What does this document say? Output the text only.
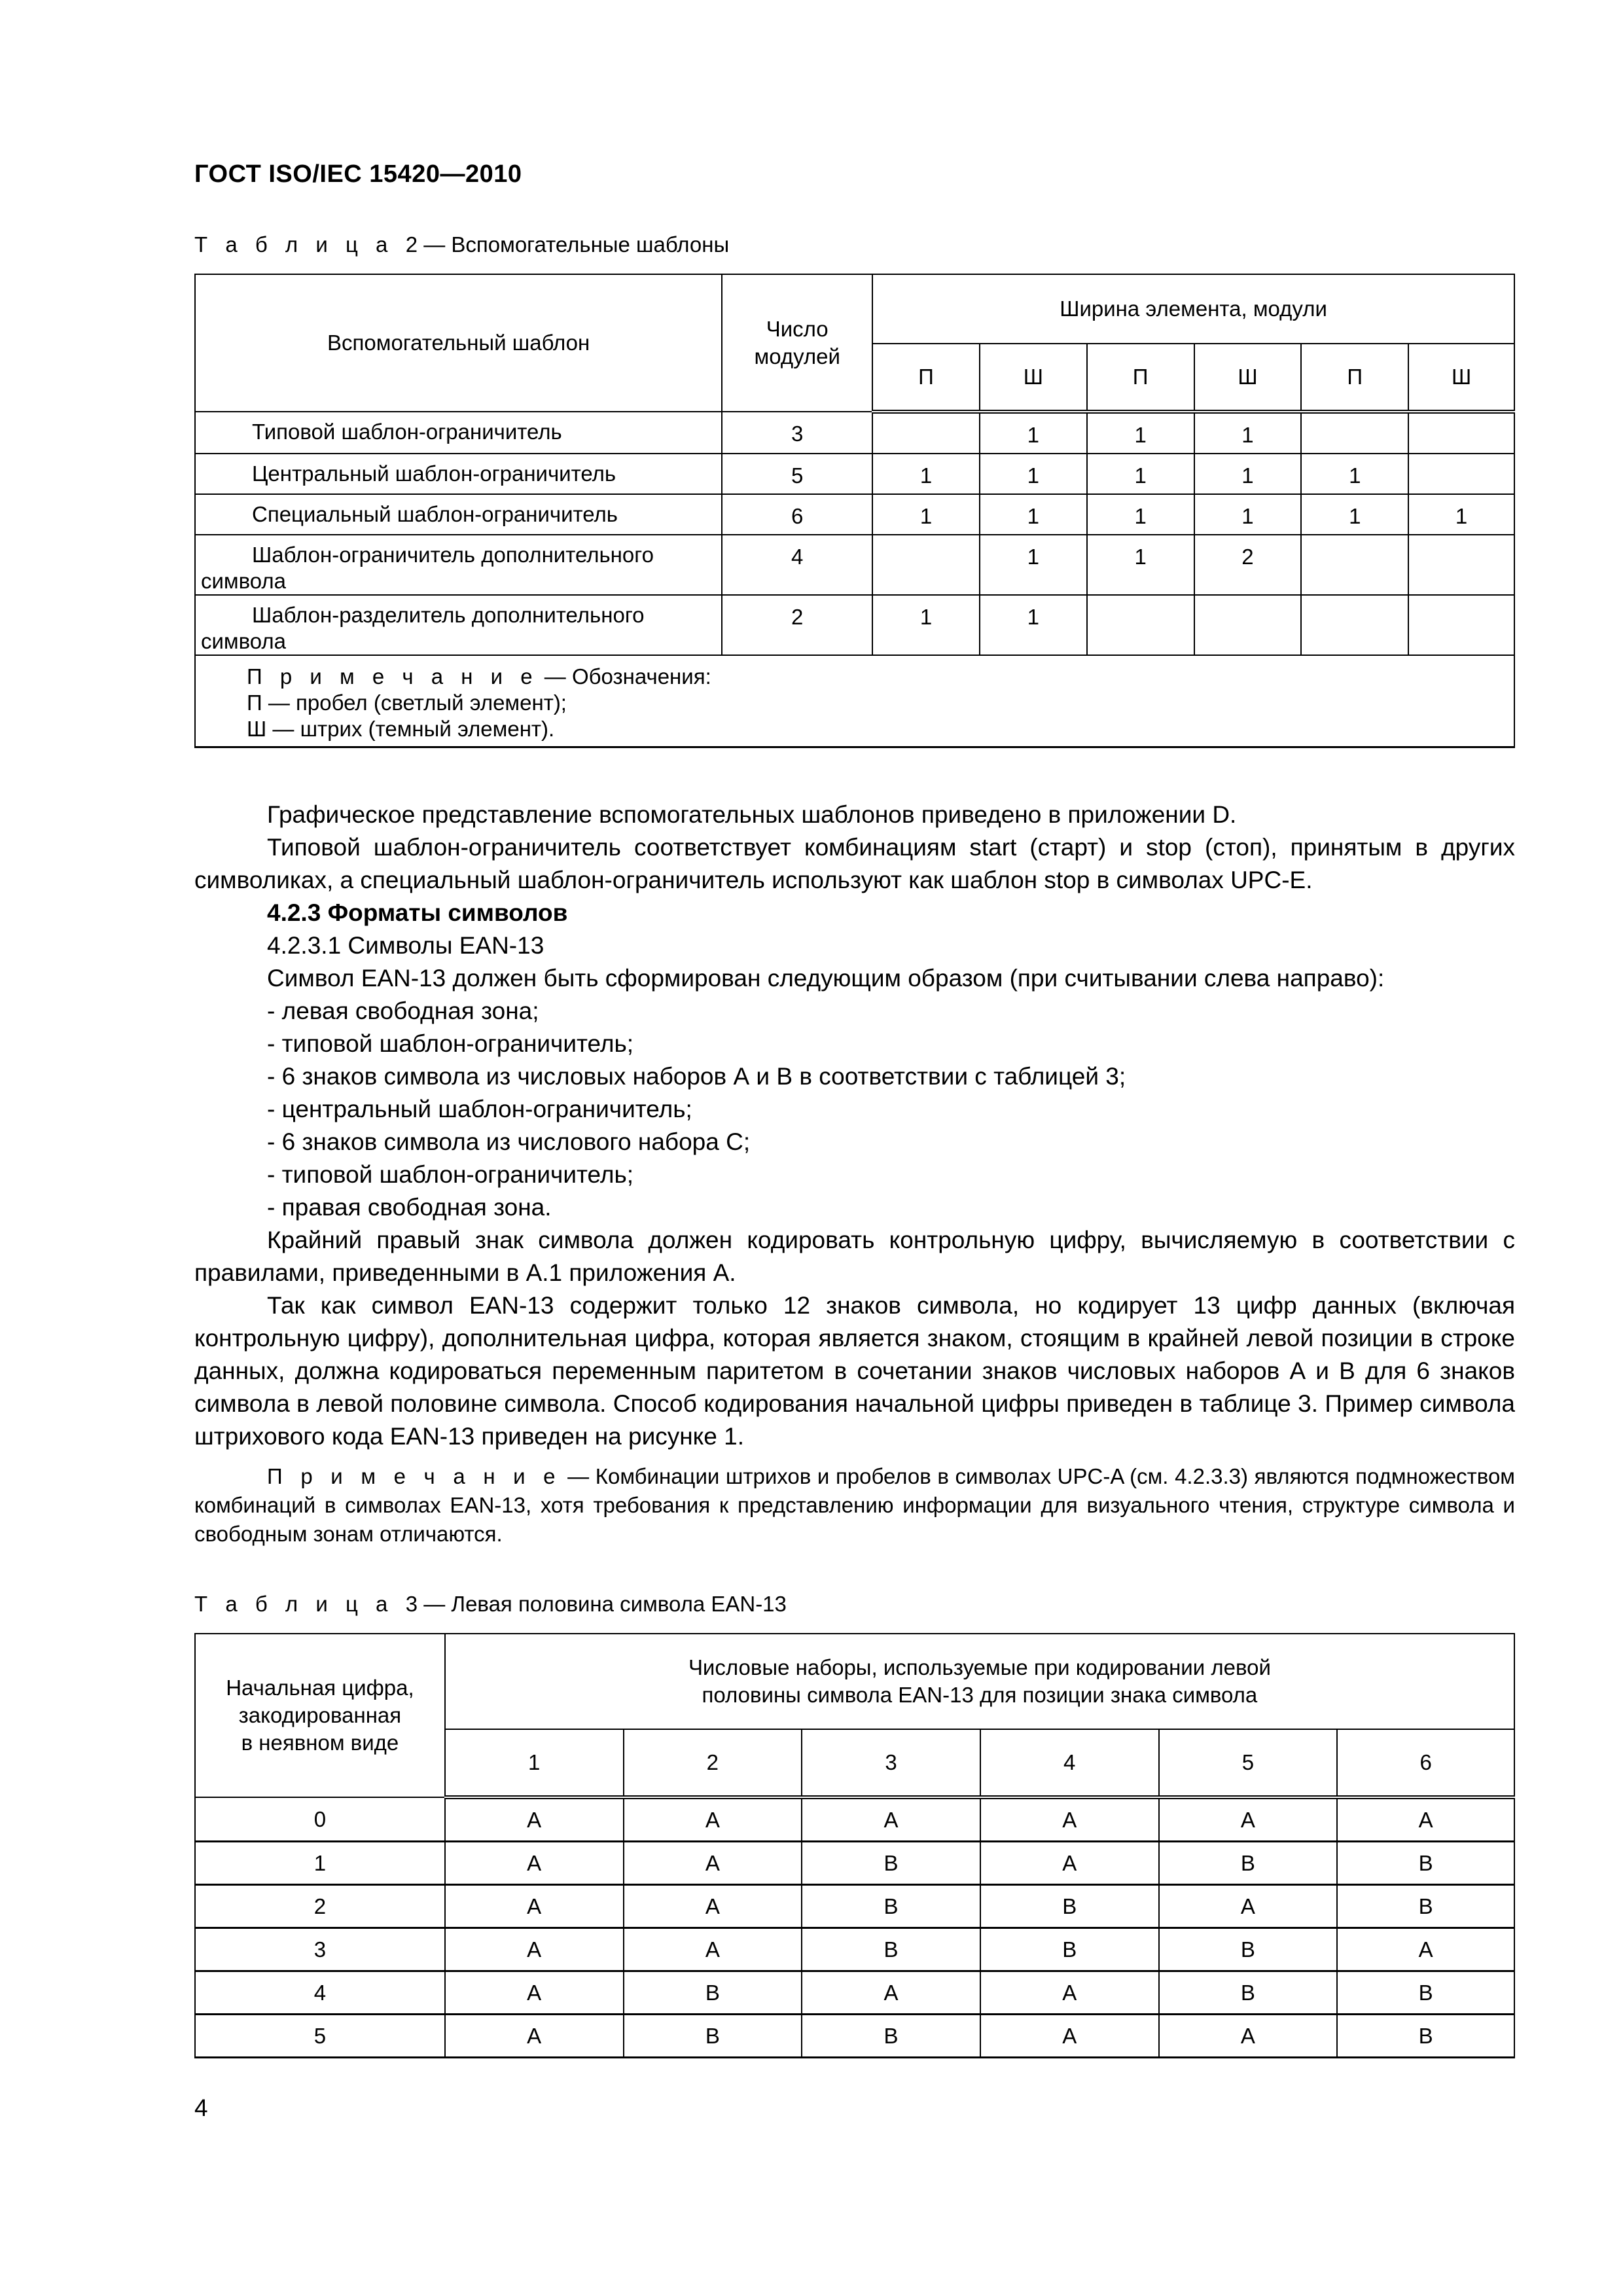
ГОСТ ISO/IEC 15420—2010
Т а б л и ц а 2 — Вспомогательные шаблоны
Вспомогательный шаблон	Число
модулей	Ширина элемента, модули					
		П	Ш	П	Ш	П	Ш
Типовой шаблон-ограничитель	3		1	1	1		
Центральный шаблон-ограничитель	5	1	1	1	1	1	
Специальный шаблон-ограничитель	6	1	1	1	1	1	1
Шаблон-ограничитель дополнительного
символа	4		1	1	2		
Шаблон-разделитель дополнительного
символа	2	1	1				
П р и м е ч а н и е — Обозначения:
П — пробел (светлый элемент);
Ш — штрих (темный элемент).							

Графическое представление вспомогательных шаблонов приведено в приложении D.

Типовой шаблон-ограничитель соответствует комбинациям start (старт) и stop (стоп), принятым в других символиках, а специальный шаблон-ограничитель используют как шаблон stop в символах UPC-E.

4.2.3 Форматы символов

4.2.3.1 Символы EAN-13

Символ EAN-13 должен быть сформирован следующим образом (при считывании слева направо):

- левая свободная зона;

- типовой шаблон-ограничитель;

- 6 знаков символа из числовых наборов А и В в соответствии с таблицей 3;

- центральный шаблон-ограничитель;

- 6 знаков символа из числового набора С;

- типовой шаблон-ограничитель;

- правая свободная зона.

Крайний правый знак символа должен кодировать контрольную цифру, вычисляемую в соответствии с правилами, приведенными в А.1 приложения А.

Так как символ EAN-13 содержит только 12 знаков символа, но кодирует 13 цифр данных (включая контрольную цифру), дополнительная цифра, которая является знаком, стоящим в крайней левой позиции в строке данных, должна кодироваться переменным паритетом в сочетании знаков числовых наборов А и В для 6 знаков символа в левой половине символа. Способ кодирования начальной цифры приведен в таблице 3. Пример символа штрихового кода EAN-13 приведен на рисунке 1.

П р и м е ч а н и е — Комбинации штрихов и пробелов в символах UPC-A (см. 4.2.3.3) являются подмножеством комбинаций в символах EAN-13, хотя требования к представлению информации для визуального чтения, структуре символа и свободным зонам отличаются.

Т а б л и ц а 3 — Левая половина символа EAN-13
Начальная цифра,
закодированная
в неявном виде	Числовые наборы, используемые при кодировании левой
половины символа EAN-13 для позиции знака символа					
	1	2	3	4	5	6
0	A	A	A	A	A	A
1	A	A	B	A	B	B
2	A	A	B	B	A	B
3	A	A	B	B	B	A
4	A	B	A	A	B	B
5	A	B	B	A	A	B
4
